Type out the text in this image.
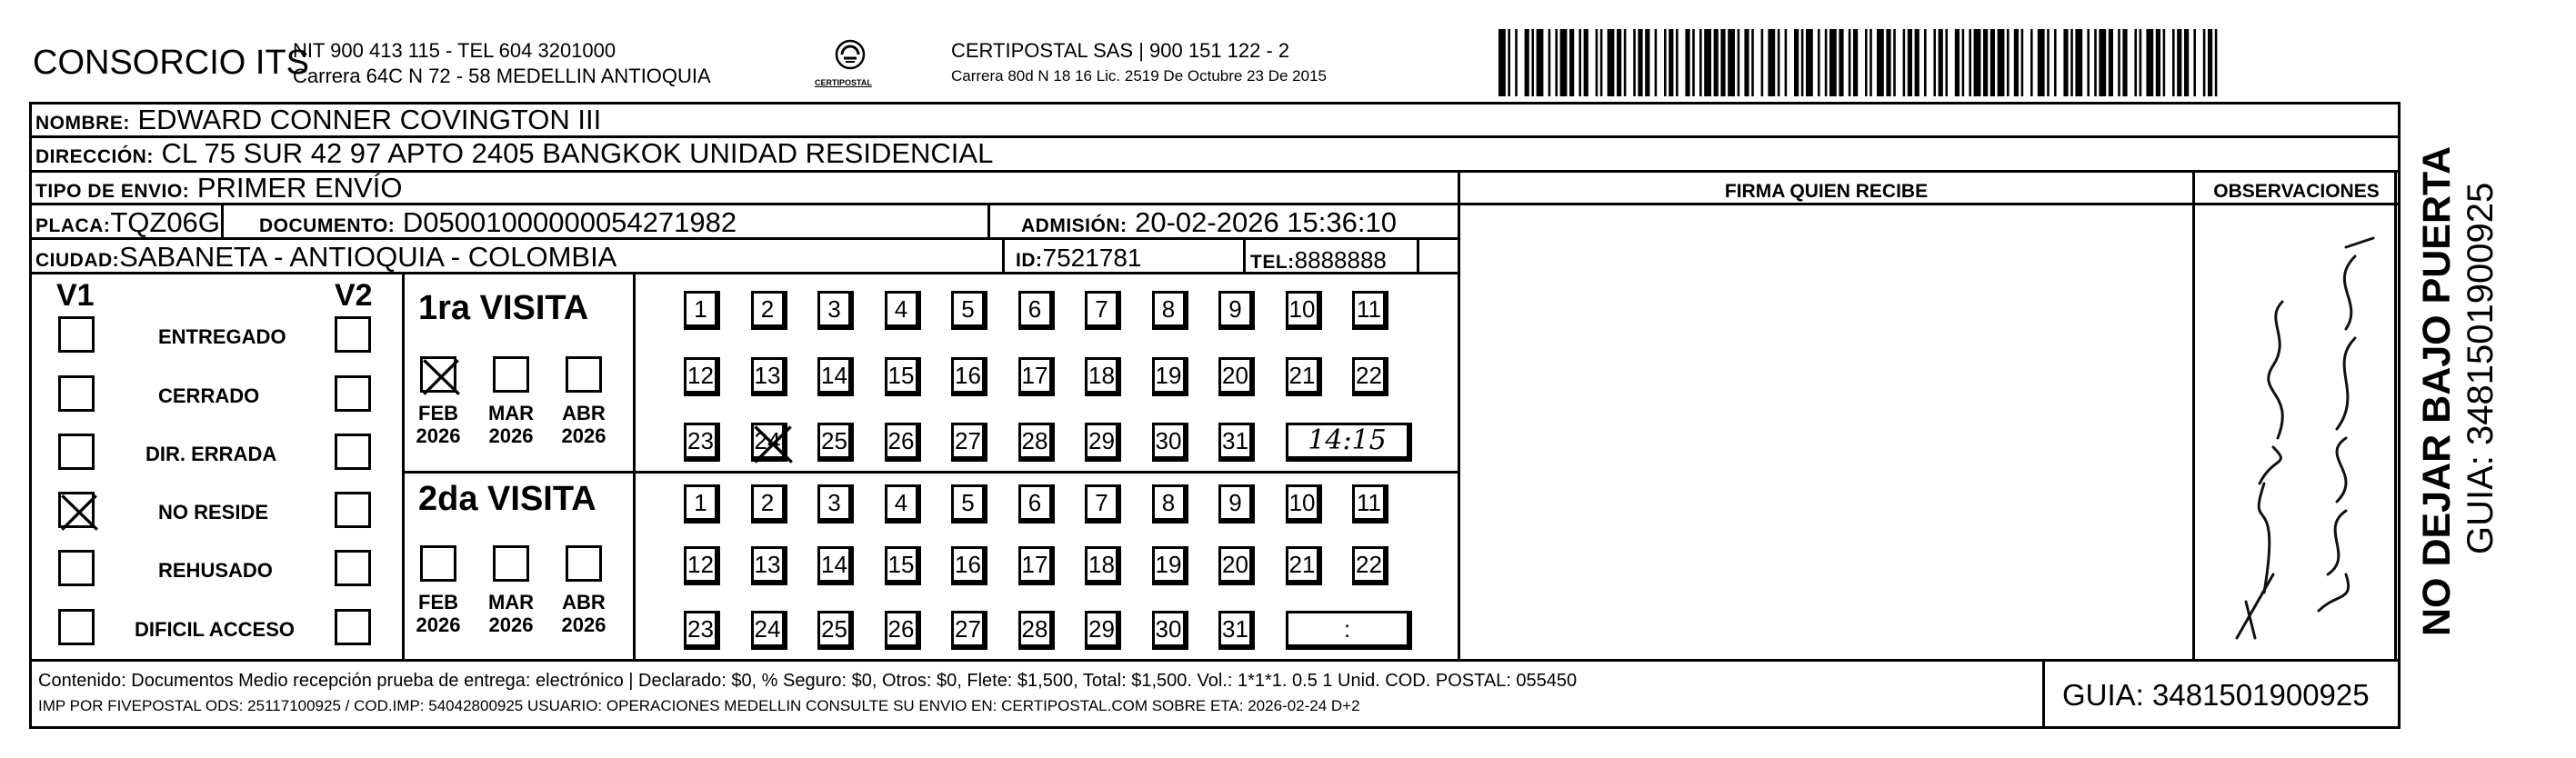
CONSORCIO ITS
NIT 900 413 115 - TEL 604 3201000
Carrera 64C N 72 - 58 MEDELLIN ANTIOQUIA	CERTIPOSTAL
CERTIPOSTAL SAS | 900 151 122 - 2
Carrera 80d N 18 16 Lic. 2519 De Octubre 23 De 2015
NOMBRE: EDWARD CONNER COVINGTON III
DIRECCIÓN: CL 75 SUR 42 97 APTO 2405 BANGKOK UNIDAD RESIDENCIAL
TIPO DE ENVIO: PRIMER ENVÍO	FIRMA QUIEN RECIBE	OBSERVACIONES
PLACA:TQZ06G DOCUMENTO: D05001000000054271982	ADMISIÓN: 20-02-2026 15:36:10
CIUDAD:SABANETA - ANTIOQUIA - COLOMBIA	ID:7521781	TEL:8888888
V1	V2
ENTREGADO
CERRADO
DIR. ERRADA
NO RESIDE
REHUSADO
DIFICIL ACCESO
1ra VISITA
FEB
2026
MAR
2026
ABR
2026
1	2	3	4	5	6	7	8	9	10 11
12 13 14 15 16 17 18 19 20 21 22
23 24 25 26 27 28 29 30 31	14:15
2da VISITA
FEB
2026
MAR
2026
ABR
2026
1	2	3	4	5	6	7	8	9	10 11
12 13 14 15 16 17 18 19 20 21 22
23 24 25 26 27 28 29 30 31	:
Contenido: Documentos Medio recepción prueba de entrega: electrónico | Declarado: $0, % Seguro: $0, Otros: $0, Flete: $1,500, Total: $1,500. Vol.: 1*1*1. 0.5 1 Unid. COD. POSTAL: 055450
IMP POR FIVEPOSTAL ODS: 25117100925 / COD.IMP: 54042800925 USUARIO: OPERACIONES MEDELLIN CONSULTE SU ENVIO EN: CERTIPOSTAL.COM SOBRE ETA: 2026-02-24 D+2	GUIA: 3481501900925
NO DEJAR BAJO PUERTA GUIA: 3481501900925
